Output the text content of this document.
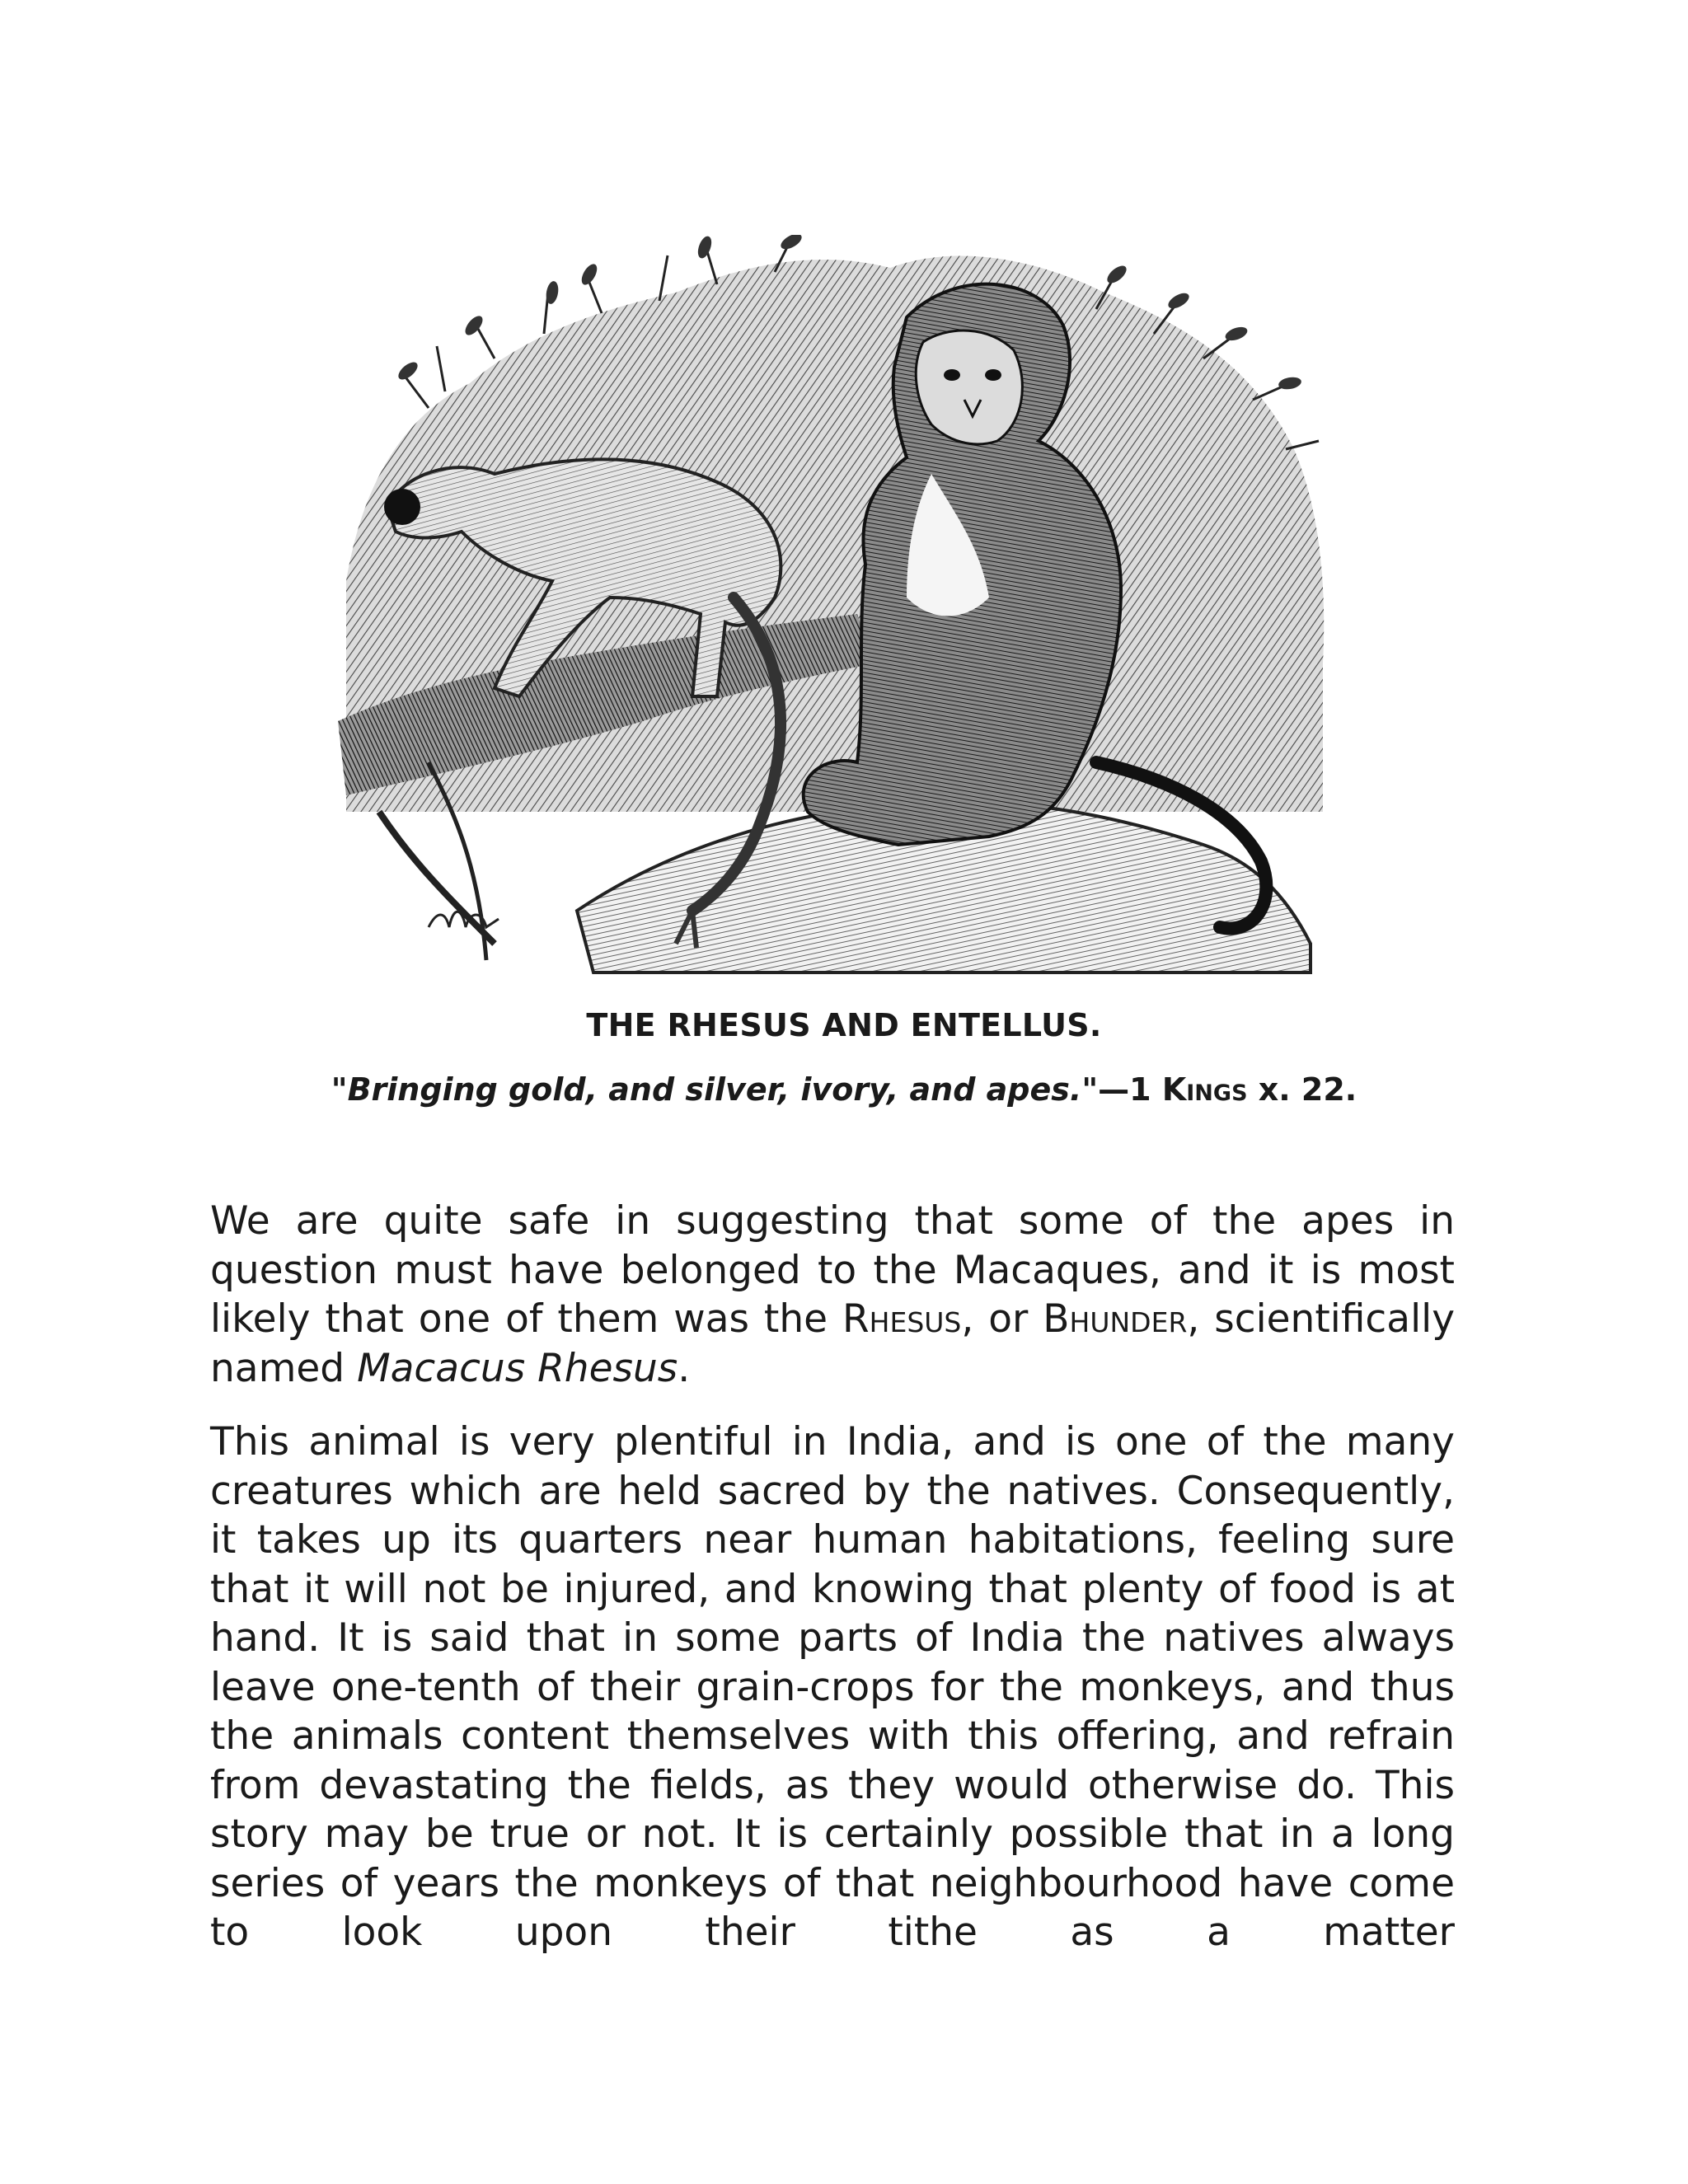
THE RHESUS AND ENTELLUS.
"Bringing gold, and silver, ivory, and apes."—1 Kings x. 22.

We are quite safe in suggesting that some of the apes in question must have belonged to the Macaques, and it is most likely that one of them was the Rhesus, or Bhunder, scientifically named Macacus Rhesus.

This animal is very plentiful in India, and is one of the many creatures which are held sacred by the natives. Consequently, it takes up its quarters near human habitations, feeling sure that it will not be injured, and knowing that plenty of food is at hand. It is said that in some parts of India the natives always leave one-tenth of their grain-crops for the monkeys, and thus the animals content themselves with this offering, and refrain from devastating the fields, as they would otherwise do. This story may be true or not. It is certainly possible that in a long series of years the monkeys of that neighbourhood have come to look upon their tithe as a matter
